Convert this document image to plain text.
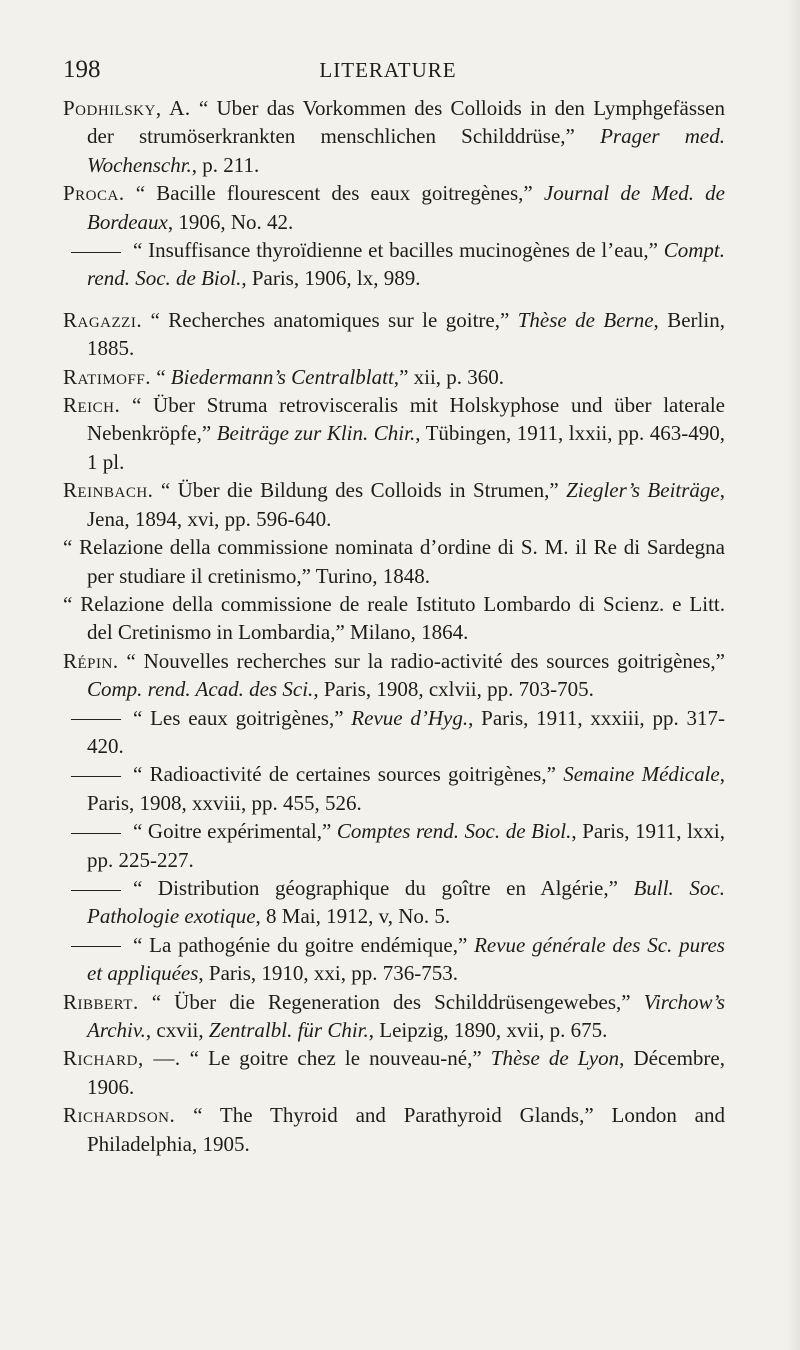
198	LITERATURE

Podhilsky, A. “ Uber das Vorkommen des Colloids in den Lymphgefässen der strumöserkrankten menschlichen Schilddrüse,” Prager med. Wochenschr., p. 211.

Proca. “ Bacille flourescent des eaux goitregènes,” Journal de Med. de Bordeaux, 1906, No. 42.

“ Insuffisance thyroïdienne et bacilles mucinogènes de l’eau,” Compt. rend. Soc. de Biol., Paris, 1906, lx, 989.

Ragazzi. “ Recherches anatomiques sur le goitre,” Thèse de Berne, Berlin, 1885.

Ratimoff. “ Biedermann’s Centralblatt,” xii, p. 360.

Reich. “ Über Struma retrovisceralis mit Holskyphose und über laterale Nebenkröpfe,” Beiträge zur Klin. Chir., Tübingen, 1911, lxxii, pp. 463-490, 1 pl.

Reinbach. “ Über die Bildung des Colloids in Strumen,” Ziegler’s Beiträge, Jena, 1894, xvi, pp. 596-640.

“ Relazione della commissione nominata d’ordine di S. M. il Re di Sardegna per studiare il cretinismo,” Turino, 1848.

“ Relazione della commissione de reale Istituto Lombardo di Scienz. e Litt. del Cretinismo in Lombardia,” Milano, 1864.

Répin. “ Nouvelles recherches sur la radio-activité des sources goitrigènes,” Comp. rend. Acad. des Sci., Paris, 1908, cxlvii, pp. 703-705.

“ Les eaux goitrigènes,” Revue d’Hyg., Paris, 1911, xxxiii, pp. 317-420.

“ Radioactivité de certaines sources goitrigènes,” Semaine Médicale, Paris, 1908, xxviii, pp. 455, 526.

“ Goitre expérimental,” Comptes rend. Soc. de Biol., Paris, 1911, lxxi, pp. 225-227.

“ Distribution géographique du goître en Algérie,” Bull. Soc. Pathologie exotique, 8 Mai, 1912, v, No. 5.

“ La pathogénie du goitre endémique,” Revue générale des Sc. pures et appliquées, Paris, 1910, xxi, pp. 736-753.

Ribbert. “ Über die Regeneration des Schilddrüsengewebes,” Virchow’s Archiv., cxvii, Zentralbl. für Chir., Leipzig, 1890, xvii, p. 675.

Richard, —. “ Le goitre chez le nouveau-né,” Thèse de Lyon, Décembre, 1906.

Richardson. “ The Thyroid and Parathyroid Glands,” London and Philadelphia, 1905.
